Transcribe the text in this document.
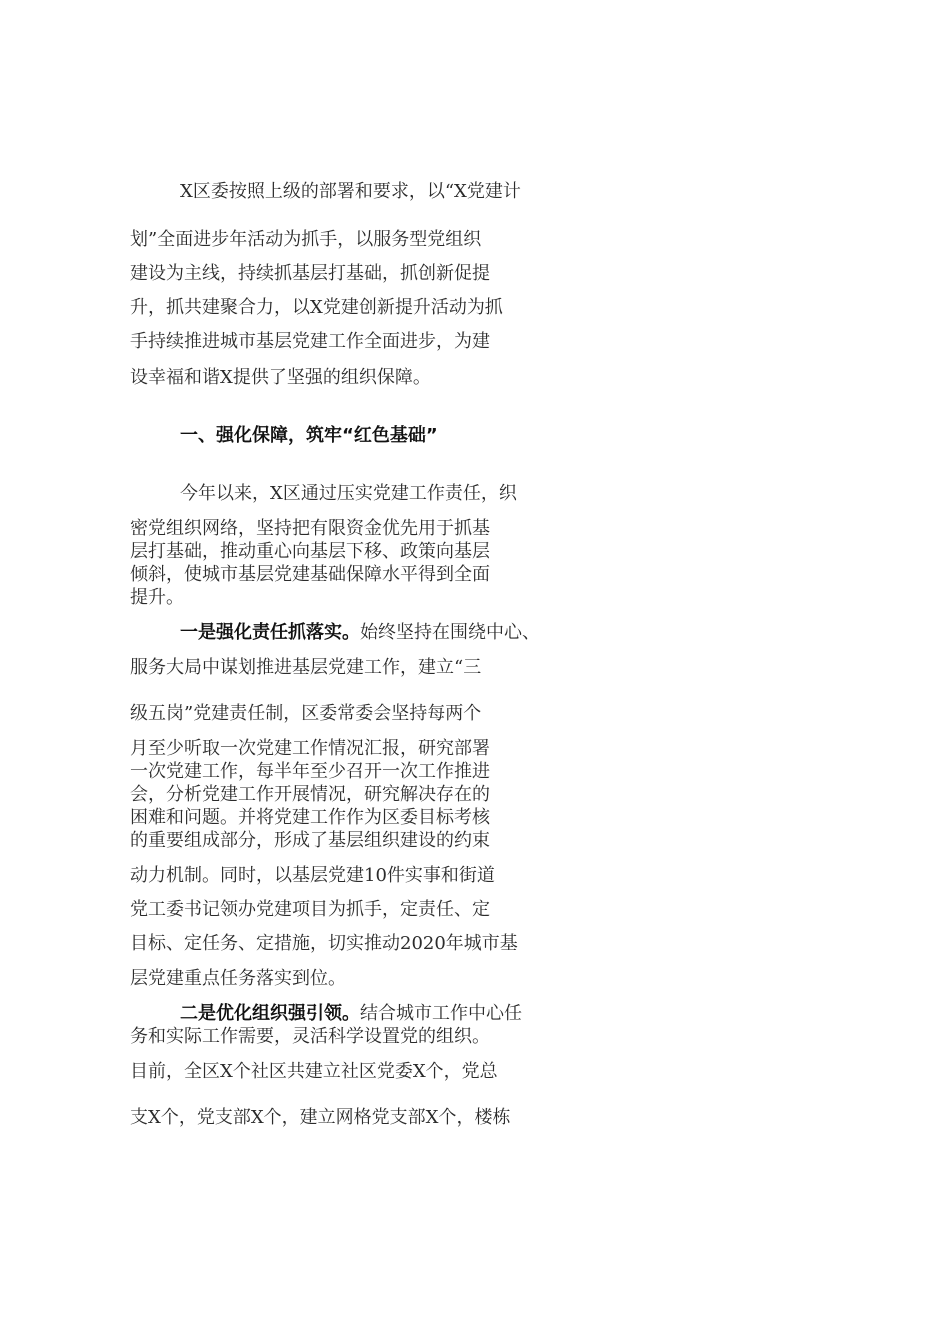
X区委按照上级的部署和要求，以“X党建计
划”全面进步年活动为抓手，以服务型党组织
建设为主线，持续抓基层打基础，抓创新促提
升，抓共建聚合力，以X党建创新提升活动为抓
手持续推进城市基层党建工作全面进步，为建
设幸福和谐X提供了坚强的组织保障。
一、强化保障，筑牢“红色基础”
今年以来，X区通过压实党建工作责任，织
密党组织网络，坚持把有限资金优先用于抓基
层打基础，推动重心向基层下移、政策向基层
倾斜，使城市基层党建基础保障水平得到全面
提升。
一是强化责任抓落实。始终坚持在围绕中心、
服务大局中谋划推进基层党建工作，建立“三
级五岗”党建责任制，区委常委会坚持每两个
月至少听取一次党建工作情况汇报，研究部署
一次党建工作，每半年至少召开一次工作推进
会，分析党建工作开展情况，研究解决存在的
困难和问题。并将党建工作作为区委目标考核
的重要组成部分，形成了基层组织建设的约束
动力机制。同时，以基层党建10件实事和街道
党工委书记领办党建项目为抓手，定责任、定
目标、定任务、定措施，切实推动2020年城市基
层党建重点任务落实到位。
二是优化组织强引领。结合城市工作中心任
务和实际工作需要，灵活科学设置党的组织。
目前，全区X个社区共建立社区党委X个，党总
支X个，党支部X个，建立网格党支部X个，楼栋
